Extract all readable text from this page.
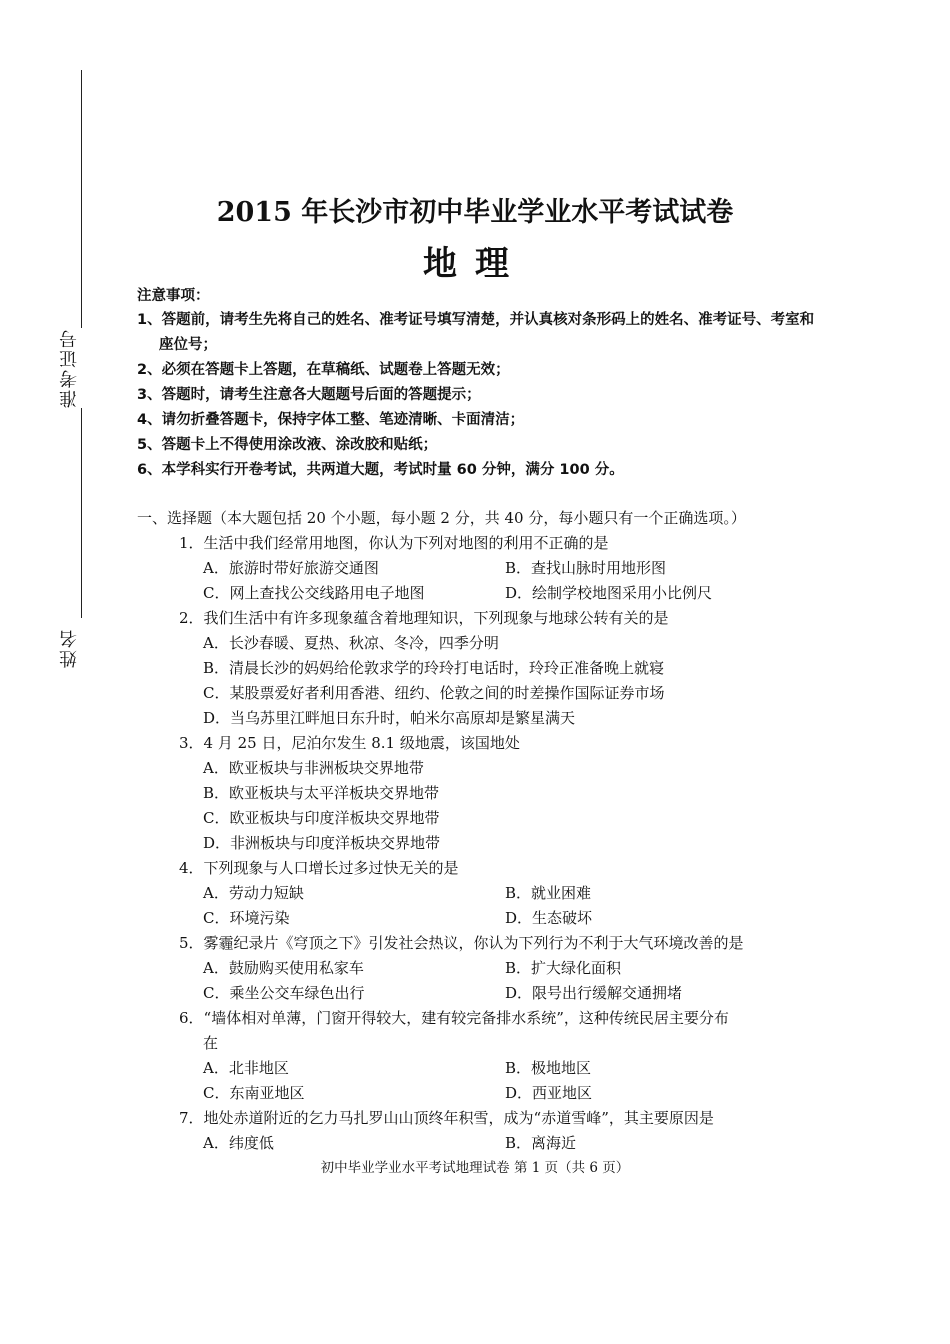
准考证号
姓名
2015 年长沙市初中毕业学业水平考试试卷
地理
注意事项：
1、答题前，请考生先将自己的姓名、准考证号填写清楚，并认真核对条形码上的姓名、准考证号、考室和座位号；
2、必须在答题卡上答题，在草稿纸、试题卷上答题无效；
3、答题时，请考生注意各大题题号后面的答题提示；
4、请勿折叠答题卡，保持字体工整、笔迹清晰、卡面清洁；
5、答题卡上不得使用涂改液、涂改胶和贴纸；
6、本学科实行开卷考试，共两道大题，考试时量 60 分钟，满分 100 分。
一、选择题（本大题包括 20 个小题，每小题 2 分，共 40 分，每小题只有一个正确选项。）
1．生活中我们经常用地图，你认为下列对地图的利用不正确的是
A．旅游时带好旅游交通图	B．查找山脉时用地形图
C．网上查找公交线路用电子地图	D．绘制学校地图采用小比例尺
2．我们生活中有许多现象蕴含着地理知识，下列现象与地球公转有关的是
A．长沙春暖、夏热、秋凉、冬冷，四季分明
B．清晨长沙的妈妈给伦敦求学的玲玲打电话时，玲玲正准备晚上就寝
C．某股票爱好者利用香港、纽约、伦敦之间的时差操作国际证券市场
D．当乌苏里江畔旭日东升时，帕米尔高原却是繁星满天
3．4 月 25 日，尼泊尔发生 8.1 级地震，该国地处
A．欧亚板块与非洲板块交界地带
B．欧亚板块与太平洋板块交界地带
C．欧亚板块与印度洋板块交界地带
D．非洲板块与印度洋板块交界地带
4．下列现象与人口增长过多过快无关的是
A．劳动力短缺	B．就业困难
C．环境污染	D．生态破坏
5．雾霾纪录片《穹顶之下》引发社会热议，你认为下列行为不利于大气环境改善的是
A．鼓励购买使用私家车	B．扩大绿化面积
C．乘坐公交车绿色出行	D．限号出行缓解交通拥堵
6．“墙体相对单薄，门窗开得较大，建有较完备排水系统”，这种传统民居主要分布
在
A．北非地区	B．极地地区
C．东南亚地区	D．西亚地区
7．地处赤道附近的乞力马扎罗山山顶终年积雪，成为“赤道雪峰”，其主要原因是
A．纬度低	B．离海近
初中毕业学业水平考试地理试卷 第 1 页（共 6 页）
